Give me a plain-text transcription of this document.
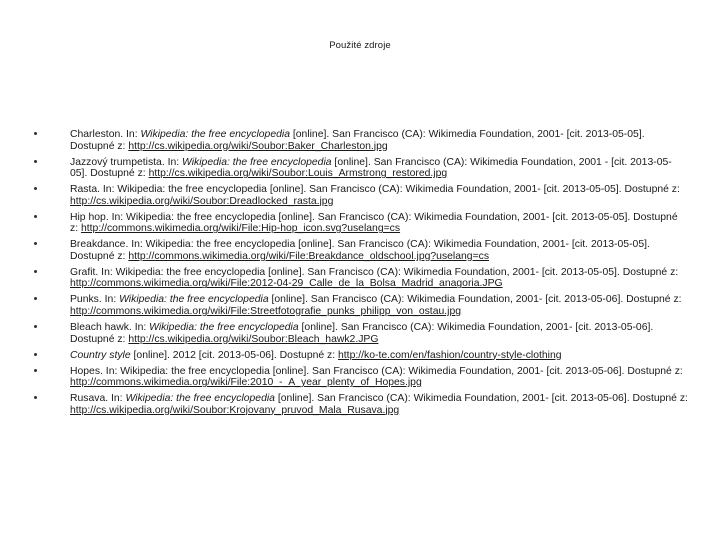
Použité zdroje
Charleston. In: Wikipedia: the free encyclopedia [online]. San Francisco (CA): Wikimedia Foundation, 2001- [cit. 2013-05-05]. Dostupné z: http://cs.wikipedia.org/wiki/Soubor:Baker_Charleston.jpg
Jazzový trumpetista. In: Wikipedia: the free encyclopedia [online]. San Francisco (CA): Wikimedia Foundation, 2001 - [cit. 2013-05-05]. Dostupné z: http://cs.wikipedia.org/wiki/Soubor:Louis_Armstrong_restored.jpg
Rasta. In: Wikipedia: the free encyclopedia [online]. San Francisco (CA): Wikimedia Foundation, 2001- [cit. 2013-05-05]. Dostupné z: http://cs.wikipedia.org/wiki/Soubor:Dreadlocked_rasta.jpg
Hip hop. In: Wikipedia: the free encyclopedia [online]. San Francisco (CA): Wikimedia Foundation, 2001- [cit. 2013-05-05]. Dostupné z: http://commons.wikimedia.org/wiki/File:Hip-hop_icon.svg?uselang=cs
Breakdance. In: Wikipedia: the free encyclopedia [online]. San Francisco (CA): Wikimedia Foundation, 2001- [cit. 2013-05-05]. Dostupné z: http://commons.wikimedia.org/wiki/File:Breakdance_oldschool.jpg?uselang=cs
Grafit. In: Wikipedia: the free encyclopedia [online]. San Francisco (CA): Wikimedia Foundation, 2001- [cit. 2013-05-05]. Dostupné z: http://commons.wikimedia.org/wiki/File:2012-04-29_Calle_de_la_Bolsa_Madrid_anagoria.JPG
Punks. In: Wikipedia: the free encyclopedia [online]. San Francisco (CA): Wikimedia Foundation, 2001- [cit. 2013-05-06]. Dostupné z: http://commons.wikimedia.org/wiki/File:Streetfotografie_punks_philipp_von_ostau.jpg
Bleach hawk. In: Wikipedia: the free encyclopedia [online]. San Francisco (CA): Wikimedia Foundation, 2001- [cit. 2013-05-06]. Dostupné z: http://cs.wikipedia.org/wiki/Soubor:Bleach_hawk2.JPG
Country style [online]. 2012 [cit. 2013-05-06]. Dostupné z: http://ko-te.com/en/fashion/country-style-clothing
Hopes. In: Wikipedia: the free encyclopedia [online]. San Francisco (CA): Wikimedia Foundation, 2001- [cit. 2013-05-06]. Dostupné z: http://commons.wikimedia.org/wiki/File:2010_-_A_year_plenty_of_Hopes.jpg
Rusava. In: Wikipedia: the free encyclopedia [online]. San Francisco (CA): Wikimedia Foundation, 2001- [cit. 2013-05-06]. Dostupné z: http://cs.wikipedia.org/wiki/Soubor:Krojovany_pruvod_Mala_Rusava.jpg
